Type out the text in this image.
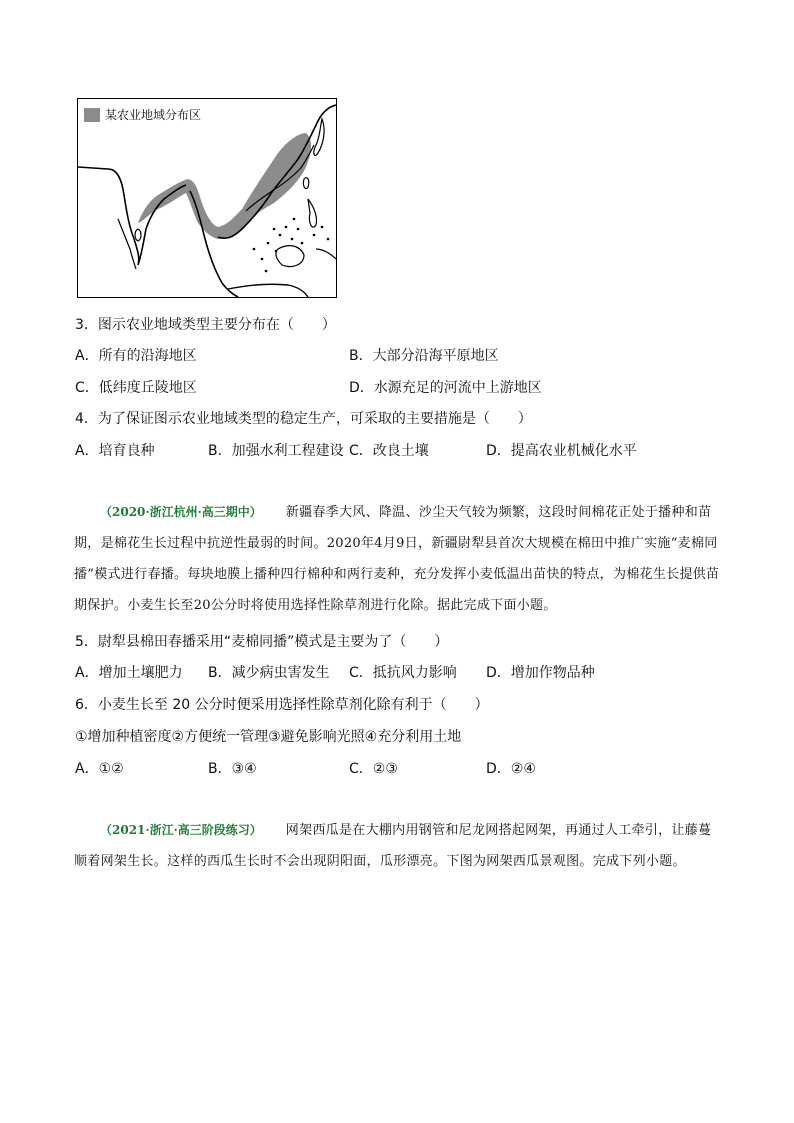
某农业地域分布区
3．图示农业地域类型主要分布在（　　）
A．所有的沿海地区	B．大部分沿海平原地区
C．低纬度丘陵地区	D．水源充足的河流中上游地区
4．为了保证图示农业地域类型的稳定生产，可采取的主要措施是（　　）
A．培育良种	B．加强水利工程建设 C．改良土壤	D．提高农业机械化水平
（2020·浙江杭州·高三期中） 新疆春季大风、降温、沙尘天气较为频繁，这段时间棉花正处于播种和苗期，是棉花生长过程中抗逆性最弱的时间。2020年4月9日，新疆尉犁县首次大规模在棉田中推广实施“麦棉同播”模式进行春播。每块地膜上播种四行棉种和两行麦种，充分发挥小麦低温出苗快的特点，为棉花生长提供苗期保护。小麦生长至20公分时将使用选择性除草剂进行化除。据此完成下面小题。
5．尉犁县棉田春播采用“麦棉同播”模式是主要为了（　　）
A．增加土壤肥力 B．减少病虫害发生 C．抵抗风力影响 D．增加作物品种
6．小麦生长至 20 公分时便采用选择性除草剂化除有利于（　　）
①增加种植密度②方便统一管理③避免影响光照④充分利用土地
A．①②	B．③④	C．②③	D．②④
（2021·浙江·高三阶段练习） 网架西瓜是在大棚内用钢管和尼龙网搭起网架，再通过人工牵引，让藤蔓顺着网架生长。这样的西瓜生长时不会出现阴阳面，瓜形漂亮。下图为网架西瓜景观图。完成下列小题。
